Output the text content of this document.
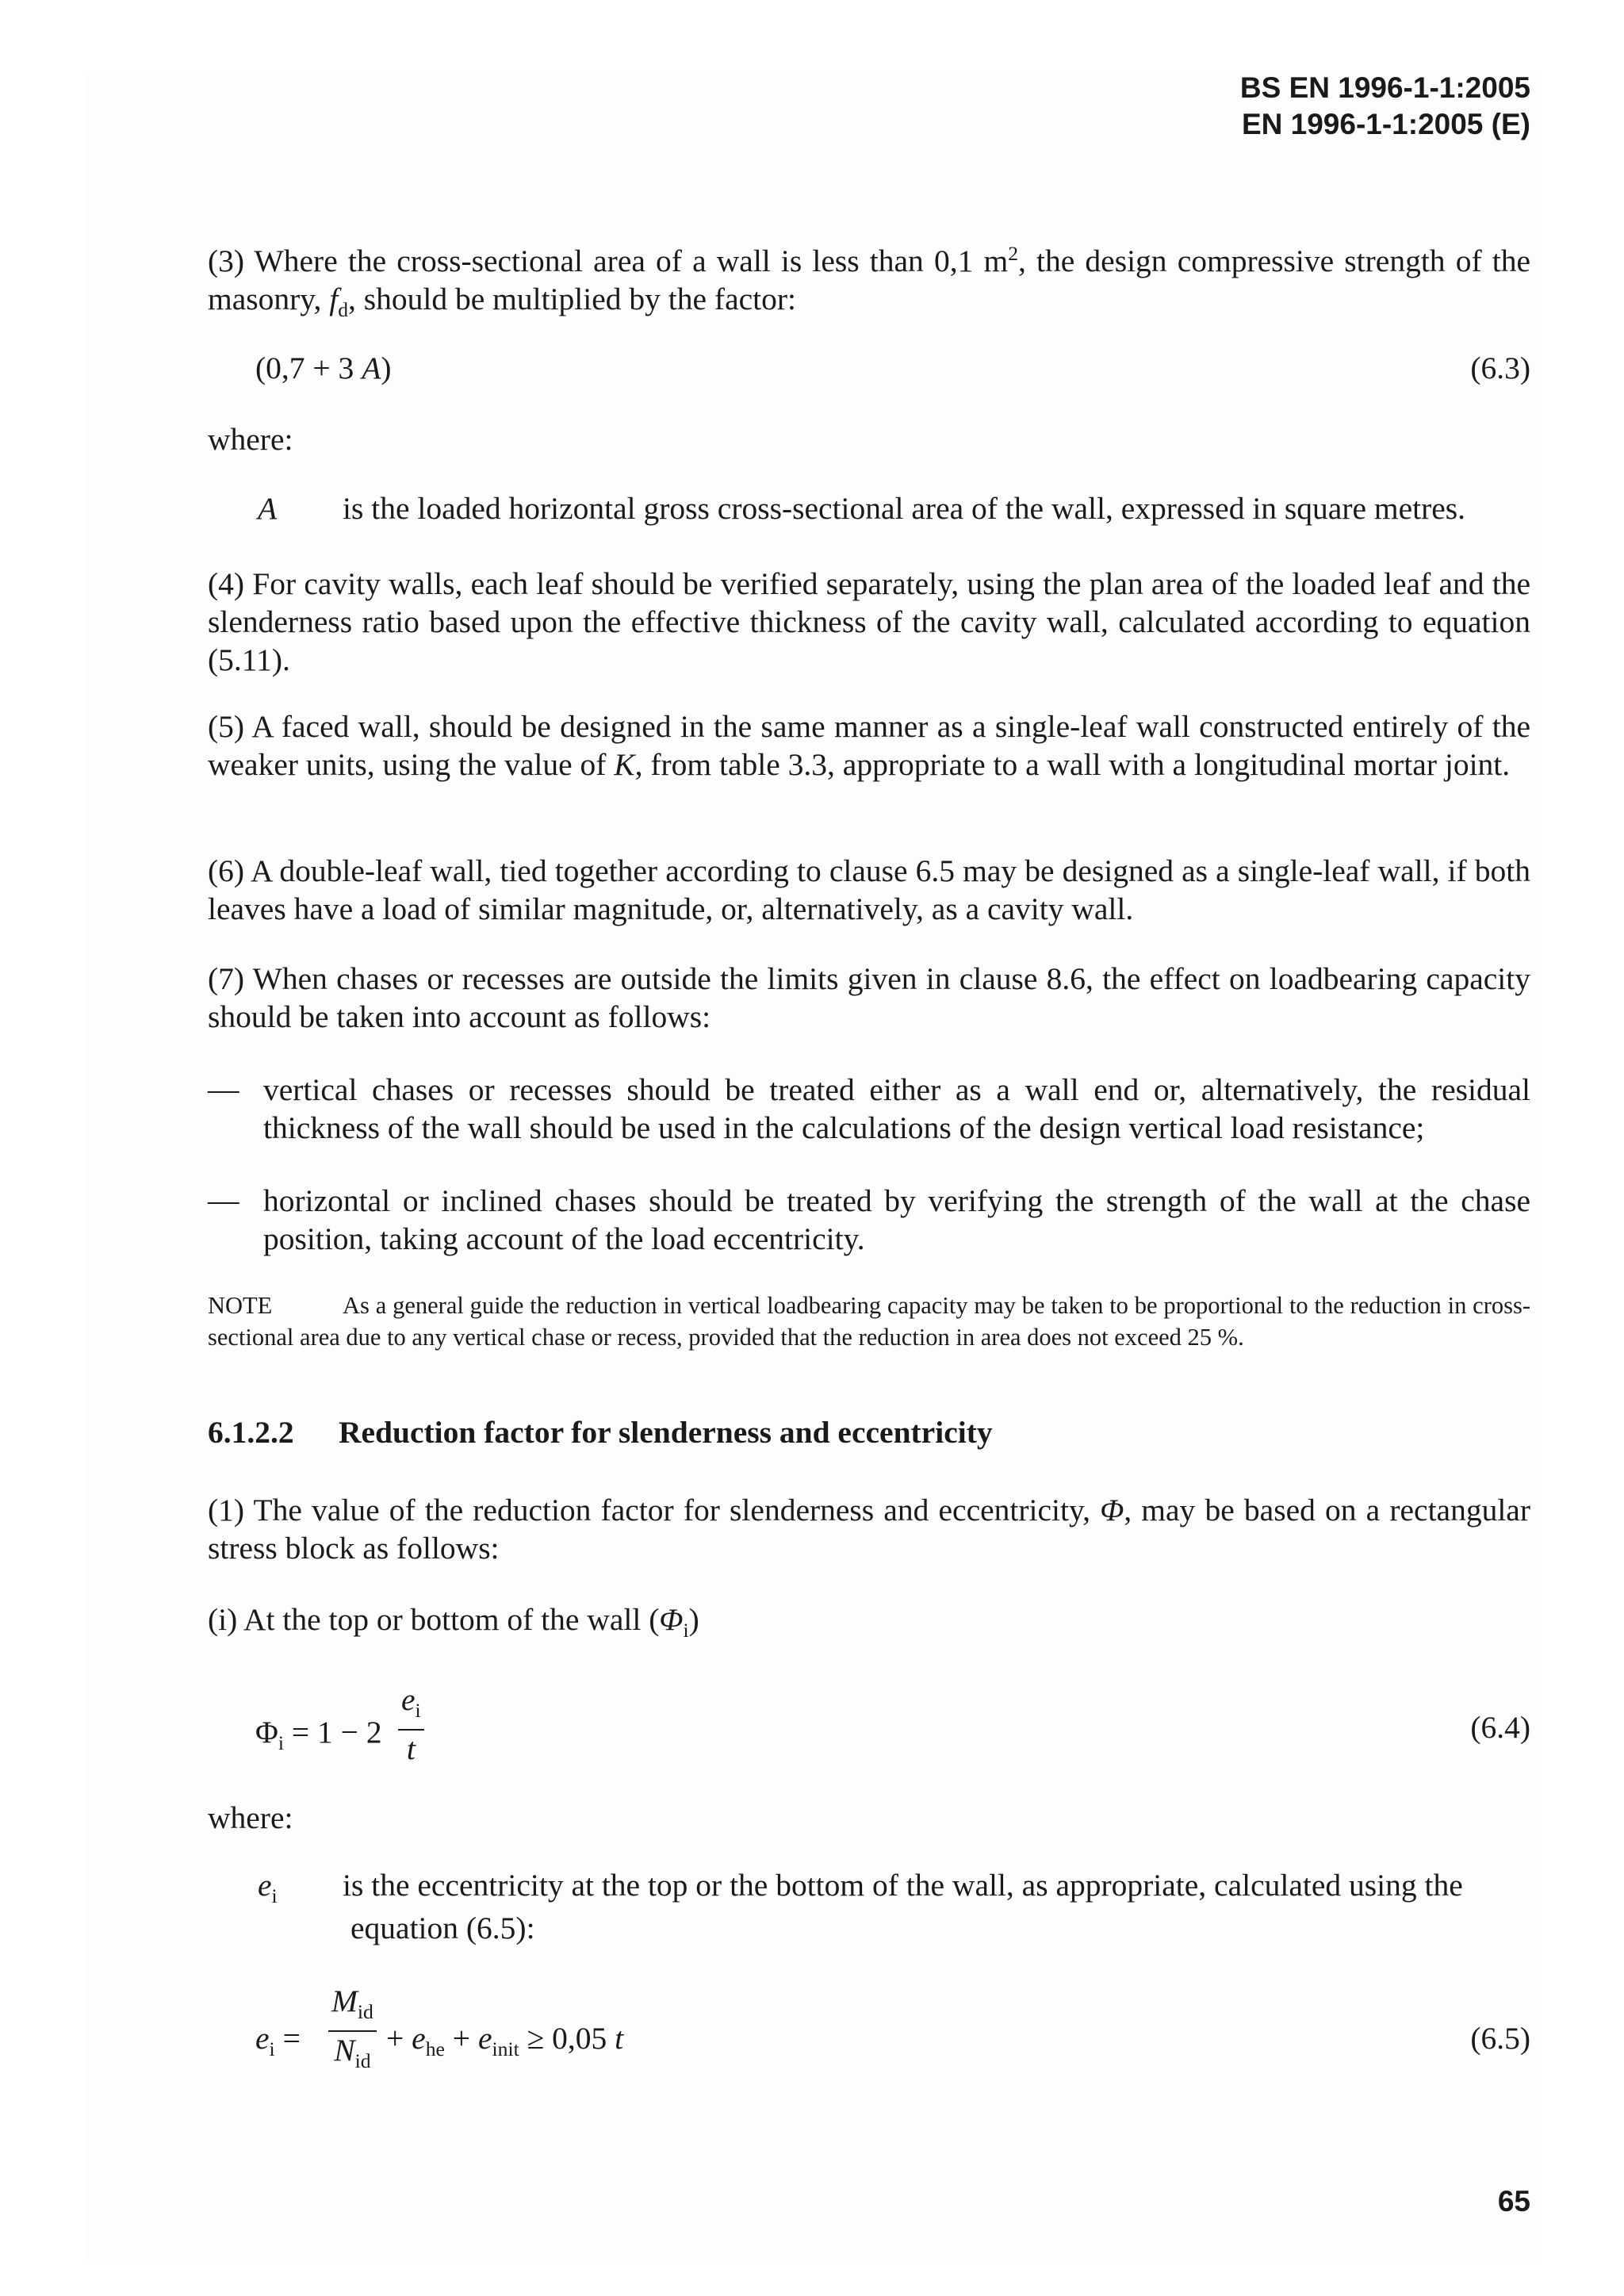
BS EN 1996-1-1:2005
EN 1996-1-1:2005 (E)
(3) Where the cross-sectional area of a wall is less than 0,1 $m^2$, the design compressive strength of the masonry, $f_d$, should be multiplied by the factor:
(0,7 + 3 A)	(6.3)
where:
A is the loaded horizontal gross cross-sectional area of the wall, expressed in square metres.
(4) For cavity walls, each leaf should be verified separately, using the plan area of the loaded leaf and the slenderness ratio based upon the effective thickness of the cavity wall, calculated according to equation (5.11).
(5) A faced wall, should be designed in the same manner as a single-leaf wall constructed entirely of the weaker units, using the value of K, from table 3.3, appropriate to a wall with a longitudinal mortar joint.
(6) A double-leaf wall, tied together according to clause 6.5 may be designed as a single-leaf wall, if both leaves have a load of similar magnitude, or, alternatively, as a cavity wall.
(7) When chases or recesses are outside the limits given in clause 8.6, the effect on loadbearing capacity should be taken into account as follows:
— vertical chases or recesses should be treated either as a wall end or, alternatively, the residual thickness of the wall should be used in the calculations of the design vertical load resistance;
— horizontal or inclined chases should be treated by verifying the strength of the wall at the chase position, taking account of the load eccentricity.
NOTE	As a general guide the reduction in vertical loadbearing capacity may be taken to be proportional to the reduction in cross-sectional area due to any vertical chase or recess, provided that the reduction in area does not exceed 25 %.
6.1.2.2 Reduction factor for slenderness and eccentricity
(1) The value of the reduction factor for slenderness and eccentricity, Φ, may be based on a rectangular stress block as follows:
(i) At the top or bottom of the wall $(\Phi_i)$
$\Phi_i = 1 - 2 \frac{e_i}{t}$	(6.4)
where:
$e_i$ is the eccentricity at the top or the bottom of the wall, as appropriate, calculated using the
equation (6.5):
$e_i$ =
$M_{id}$
$N_{id}$
+ $e_{he} + e_{init} \ge 0,05$ t	(6.5)
65
